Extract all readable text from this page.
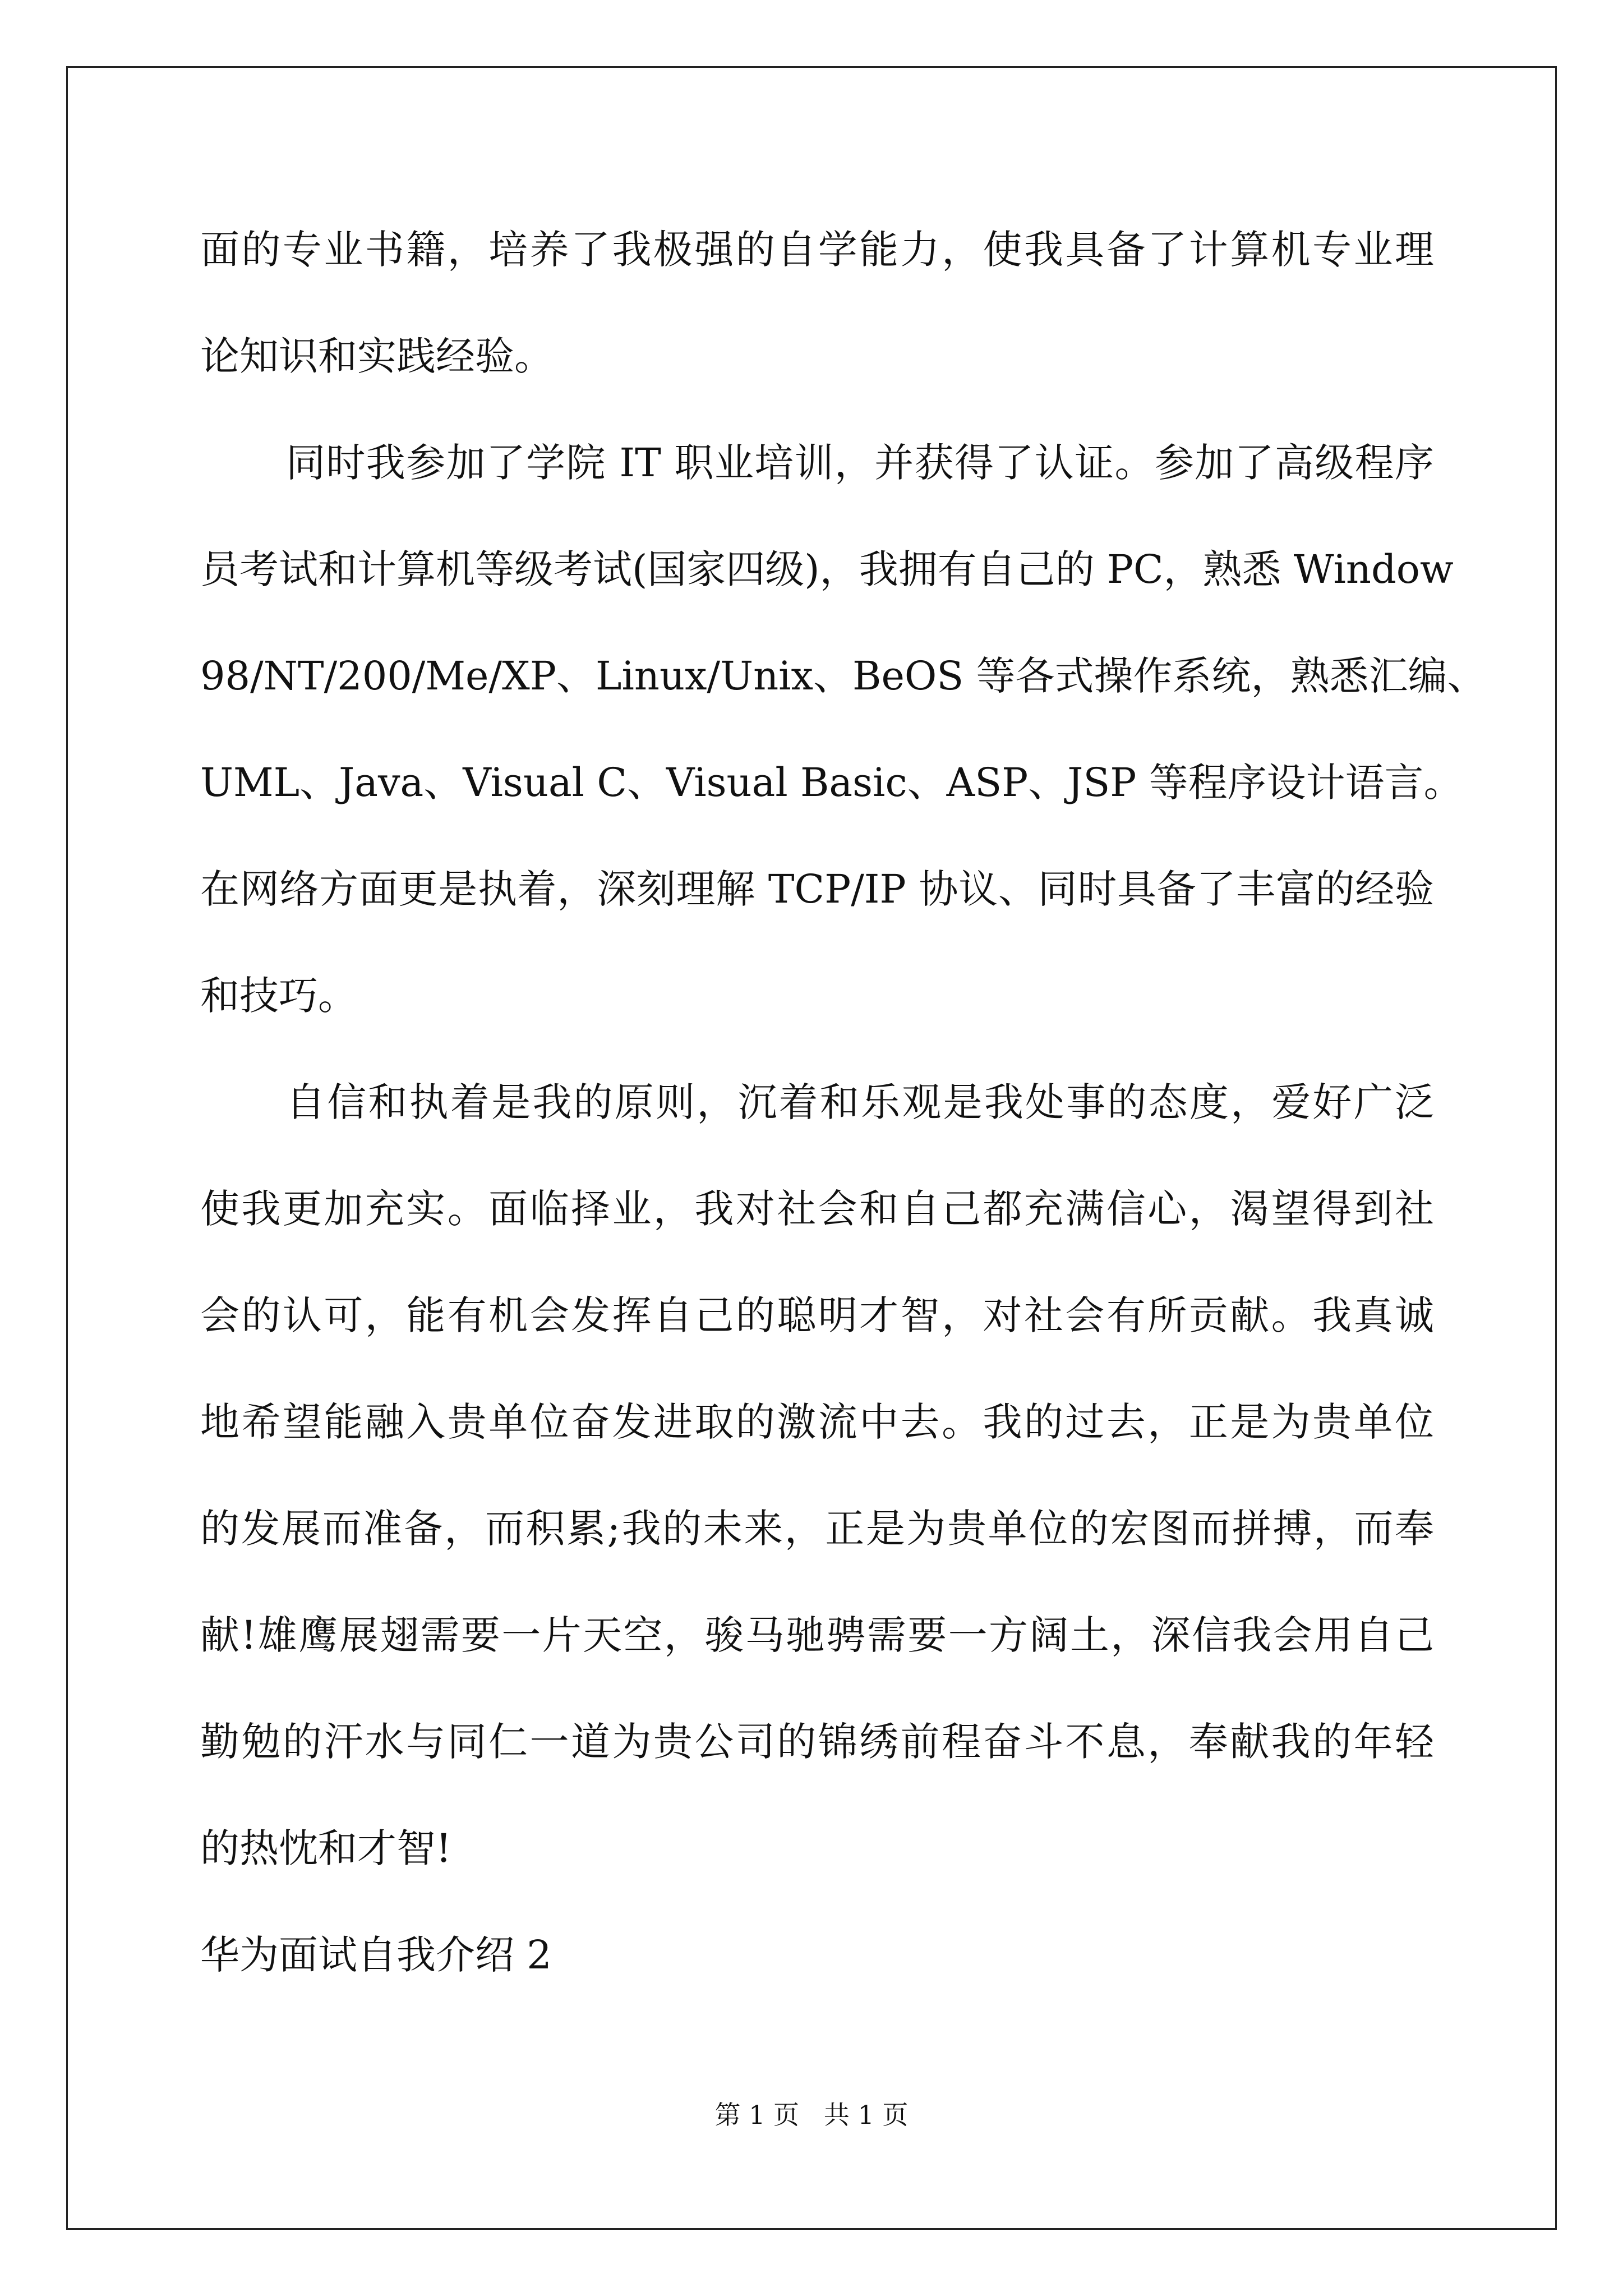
面的专业书籍，培养了我极强的自学能力，使我具备了计算机专业理
论知识和实践经验。
同时我参加了学院 IT 职业培训，并获得了认证。参加了高级程序
员考试和计算机等级考试(国家四级)，我拥有自己的 PC，熟悉 Window
98/NT/200/Me/XP、Linux/Unix、BeOS 等各式操作系统，熟悉汇编、
UML、Java、Visual C、Visual Basic、ASP、JSP 等程序设计语言。
在网络方面更是执着，深刻理解 TCP/IP 协议、同时具备了丰富的经验
和技巧。
自信和执着是我的原则，沉着和乐观是我处事的态度，爱好广泛
使我更加充实。面临择业，我对社会和自己都充满信心，渴望得到社
会的认可，能有机会发挥自己的聪明才智，对社会有所贡献。我真诚
地希望能融入贵单位奋发进取的激流中去。我的过去，正是为贵单位
的发展而准备，而积累;我的未来，正是为贵单位的宏图而拼搏，而奉
献!雄鹰展翅需要一片天空，骏马驰骋需要一方阔土，深信我会用自己
勤勉的汗水与同仁一道为贵公司的锦绣前程奋斗不息，奉献我的年轻
的热忱和才智!
华为面试自我介绍 2
第 1 页   共 1 页
